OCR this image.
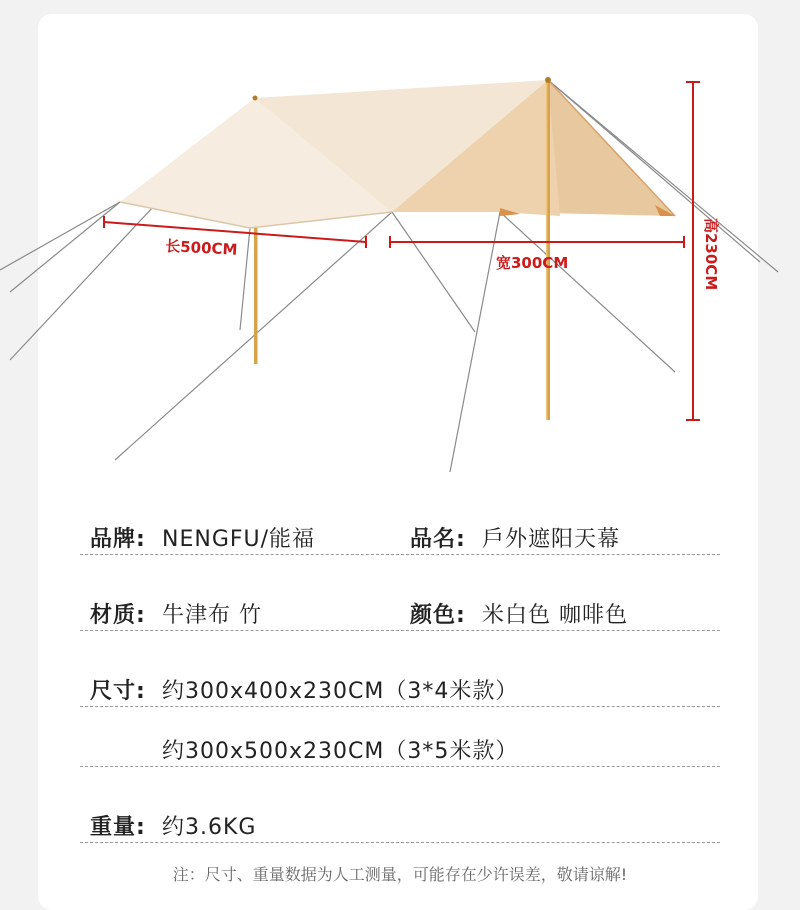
长500CM
宽300CM	高230CM
品牌: NENGFU/能福	品名: 戶外遮阳天幕
材质: 牛津布 竹	颜色: 米白色 咖啡色
尺寸: 约300x400x230CM（3*4米款）
约300x500x230CM（3*5米款）
重量: 约3.6KG
注：尺寸、重量数据为人工测量，可能存在少许误差，敬请谅解!
